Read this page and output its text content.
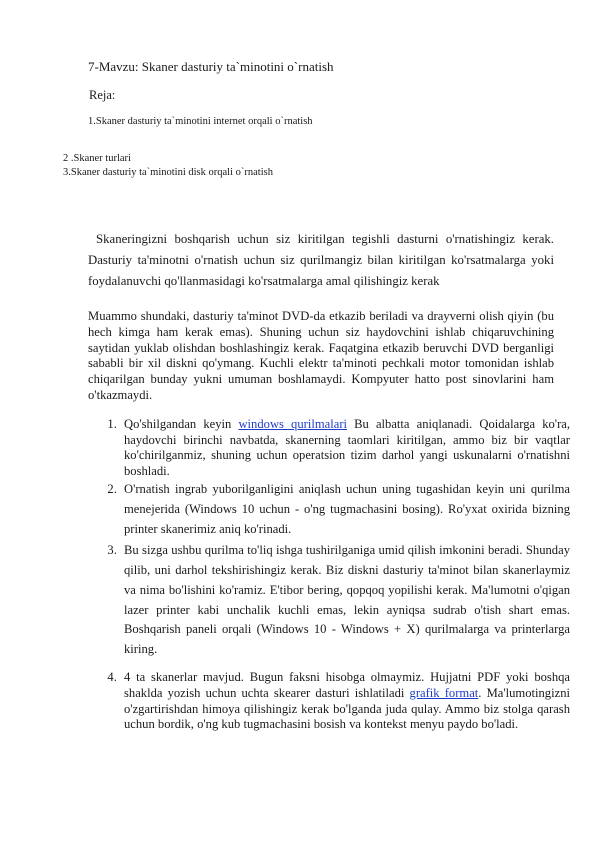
7-Mavzu: Skaner dasturiy ta`minotini o`rnatish
Reja:
1.Skaner dasturiy ta`minotini internet orqali o`rnatish
2 .Skaner turlari
3.Skaner dasturiy ta`minotini disk orqali o`rnatish

Skaneringizni boshqarish uchun siz kiritilgan tegishli dasturni o'rnatishingiz kerak. Dasturiy ta'minotni o'rnatish uchun siz qurilmangiz bilan kiritilgan ko'rsatmalarga yoki foydalanuvchi qo'llanmasidagi ko'rsatmalarga amal qilishingiz kerak

Muammo shundaki, dasturiy ta'minot DVD-da etkazib beriladi va drayverni olish qiyin (bu hech kimga ham kerak emas). Shuning uchun siz haydovchini ishlab chiqaruvchining saytidan yuklab olishdan boshlashingiz kerak. Faqatgina etkazib beruvchi DVD berganligi sababli bir xil diskni qo'ymang. Kuchli elektr ta'minoti pechkali motor tomonidan ishlab chiqarilgan bunday yukni umuman boshlamaydi. Kompyuter hatto post sinovlarini ham o'tkazmaydi.

1. Qo'shilgandan keyin windows qurilmalari Bu albatta aniqlanadi. Qoidalarga ko'ra, haydovchi birinchi navbatda, skanerning taomlari kiritilgan, ammo biz bir vaqtlar ko'chirilganmiz, shuning uchun operatsion tizim darhol yangi uskunalarni o'rnatishni boshladi.
2. O'rnatish ingrab yuborilganligini aniqlash uchun uning tugashidan keyin uni qurilma menejerida (Windows 10 uchun - o'ng tugmachasini bosing). Ro'yxat oxirida bizning printer skanerimiz aniq ko'rinadi.
3. Bu sizga ushbu qurilma to'liq ishga tushirilganiga umid qilish imkonini beradi. Shunday qilib, uni darhol tekshirishingiz kerak. Biz diskni dasturiy ta'minot bilan skanerlaymiz va nima bo'lishini ko'ramiz. E'tibor bering, qopqoq yopilishi kerak. Ma'lumotni o'qigan lazer printer kabi unchalik kuchli emas, lekin ayniqsa sudrab o'tish shart emas. Boshqarish paneli orqali (Windows 10 - Windows + X) qurilmalarga va printerlarga kiring.
4. 4 ta skanerlar mavjud. Bugun faksni hisobga olmaymiz. Hujjatni PDF yoki boshqa shaklda yozish uchun uchta skearer dasturi ishlatiladi grafik format. Ma'lumotingizni o'zgartirishdan himoya qilishingiz kerak bo'lganda juda qulay. Ammo biz stolga qarash uchun bordik, o'ng kub tugmachasini bosish va kontekst menyu paydo bo'ladi.
